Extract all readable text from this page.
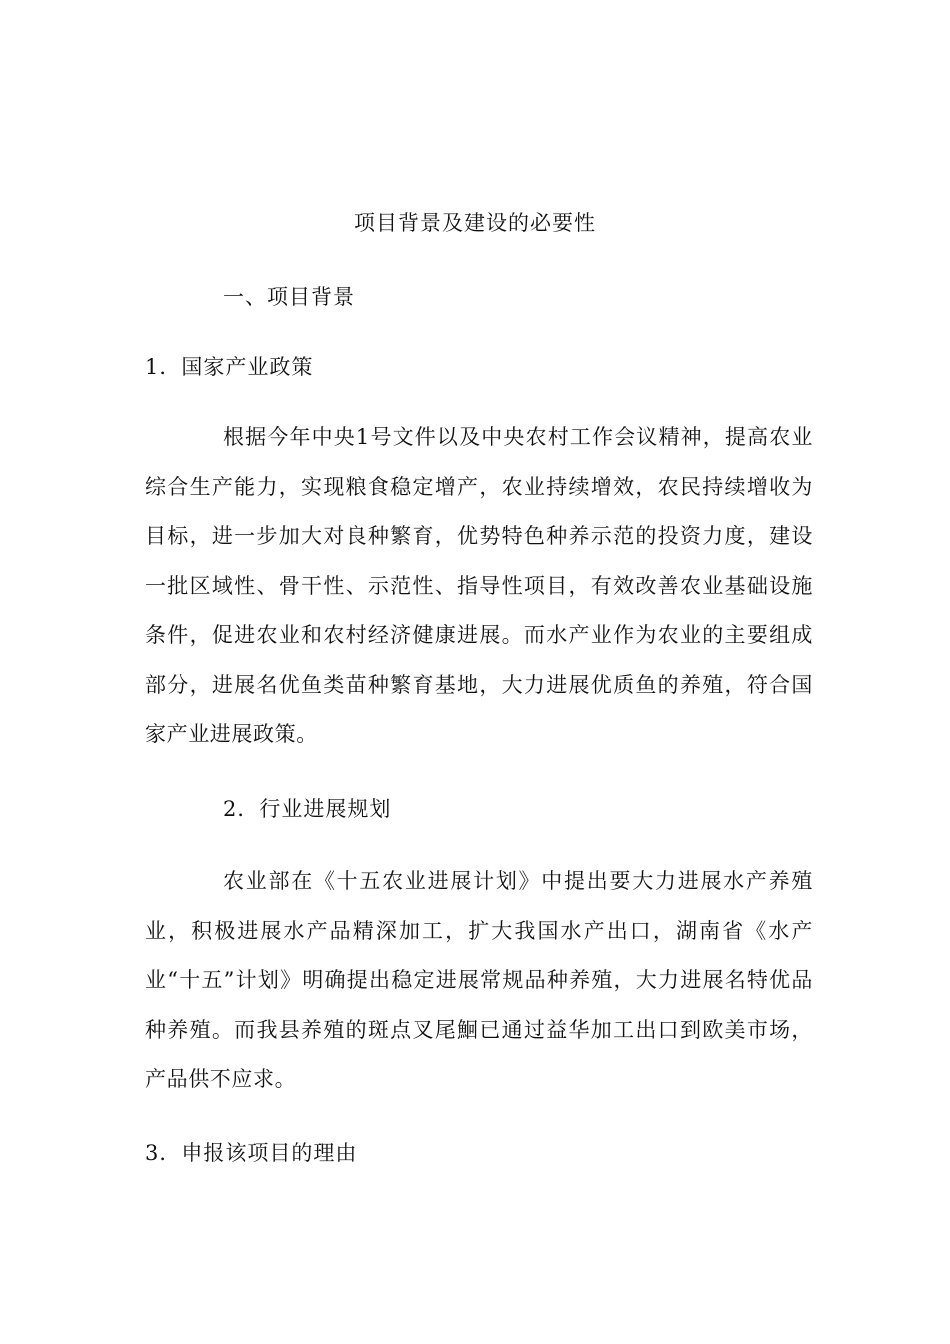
项目背景及建设的必要性
一、项目背景
1．国家产业政策

根据今年中央1号文件以及中央农村工作会议精神，提高农业综合生产能力，实现粮食稳定增产，农业持续增效，农民持续增收为目标，进一步加大对良种繁育，优势特色种养示范的投资力度，建设一批区域性、骨干性、示范性、指导性项目，有效改善农业基础设施条件，促进农业和农村经济健康进展。而水产业作为农业的主要组成部分，进展名优鱼类苗种繁育基地，大力进展优质鱼的养殖，符合国家产业进展政策。

2．行业进展规划

农业部在《十五农业进展计划》中提出要大力进展水产养殖业，积极进展水产品精深加工，扩大我国水产出口，湖南省《水产业“十五”计划》明确提出稳定进展常规品种养殖，大力进展名特优品种养殖。而我县养殖的斑点叉尾鮰已通过益华加工出口到欧美市场，产品供不应求。

3．申报该项目的理由
